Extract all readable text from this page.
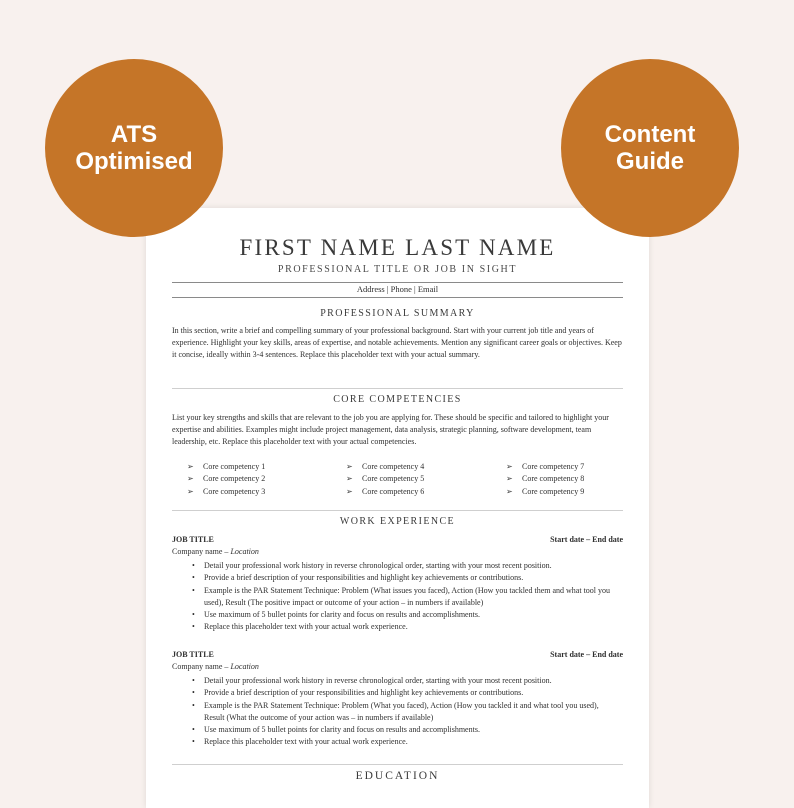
ATS
Optimised
Content
Guide
FIRST NAME LAST NAME
PROFESSIONAL TITLE OR JOB IN SIGHT
Address | Phone | Email
PROFESSIONAL SUMMARY

In this section, write a brief and compelling summary of your professional background. Start with your current job title and years of experience. Highlight your key skills, areas of expertise, and notable achievements. Mention any significant career goals or objectives. Keep it concise, ideally within 3-4 sentences. Replace this placeholder text with your actual summary.

CORE COMPETENCIES

List your key strengths and skills that are relevant to the job you are applying for. These should be specific and tailored to highlight your expertise and abilities. Examples might include project management, data analysis, strategic planning, software development, team leadership, etc. Replace this placeholder text with your actual competencies.

➢ Core competency 1
➢ Core competency 2
➢ Core competency 3
➢ Core competency 4
➢ Core competency 5
➢ Core competency 6
➢ Core competency 7
➢ Core competency 8
➢ Core competency 9
WORK EXPERIENCE
JOB TITLE	Start date – End date
Company name – Location
• Detail your professional work history in reverse chronological order, starting with your most recent position.
• Provide a brief description of your responsibilities and highlight key achievements or contributions.
• Example is the PAR Statement Technique: Problem (What issues you faced), Action (How you tackled them and what tool you used), Result (The positive impact or outcome of your action – in numbers if available)
• Use maximum of 5 bullet points for clarity and focus on results and accomplishments.
• Replace this placeholder text with your actual work experience.
JOB TITLE	Start date – End date
Company name – Location
• Detail your professional work history in reverse chronological order, starting with your most recent position.
• Provide a brief description of your responsibilities and highlight key achievements or contributions.
• Example is the PAR Statement Technique: Problem (What you faced), Action (How you tackled it and what tool you used), Result (What the outcome of your action was – in numbers if available)
• Use maximum of 5 bullet points for clarity and focus on results and accomplishments.
• Replace this placeholder text with your actual work experience.
EDUCATION
